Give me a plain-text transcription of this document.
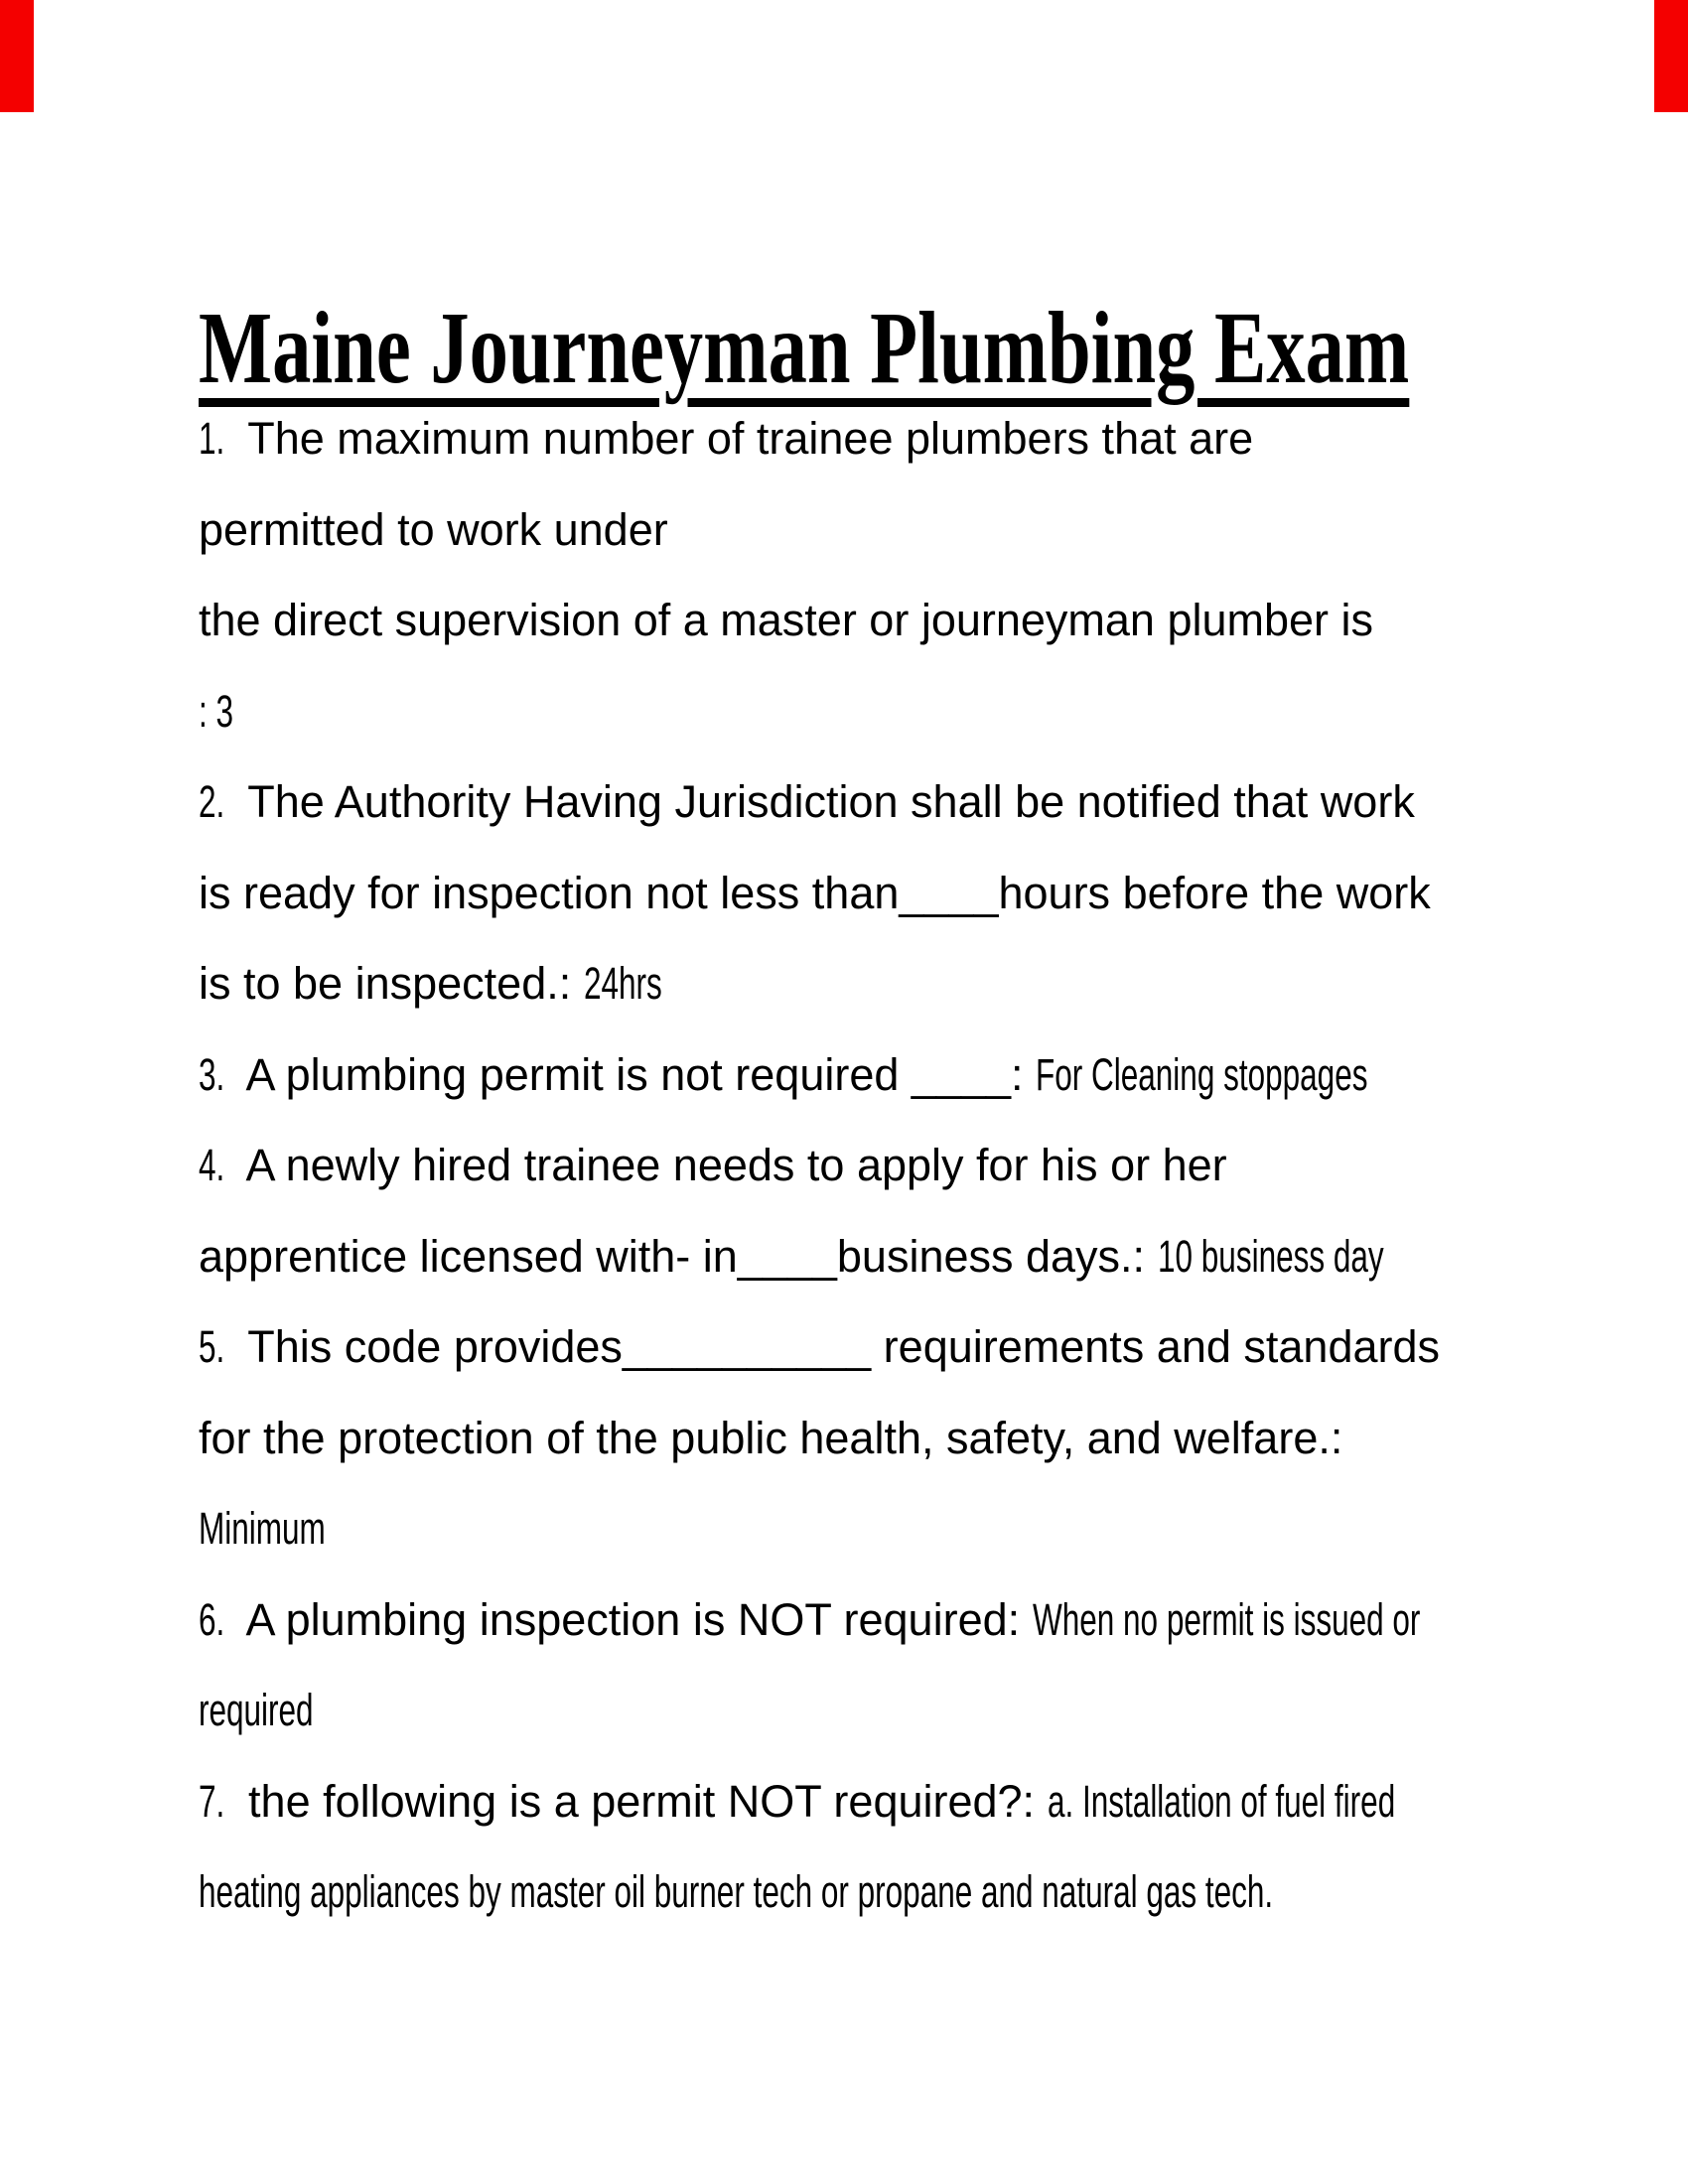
Maine Journeyman Plumbing Exam
1. The maximum number of trainee plumbers that are
permitted to work under
the direct supervision of a master or journeyman plumber is
: 3
2. The Authority Having Jurisdiction shall be notified that work
is ready for inspection not less than____hours before the work
is to be inspected.: 24hrs
3. A plumbing permit is not required ____: For Cleaning stoppages
4. A newly hired trainee needs to apply for his or her
apprentice licensed with- in____business days.: 10 business day
5. This code provides__________ requirements and standards
for the protection of the public health, safety, and welfare.:
Minimum
6. A plumbing inspection is NOT required: When no permit is issued or
required
7. the following is a permit NOT required?: a. Installation of fuel fired
heating appliances by master oil burner tech or propane and natural gas tech.
